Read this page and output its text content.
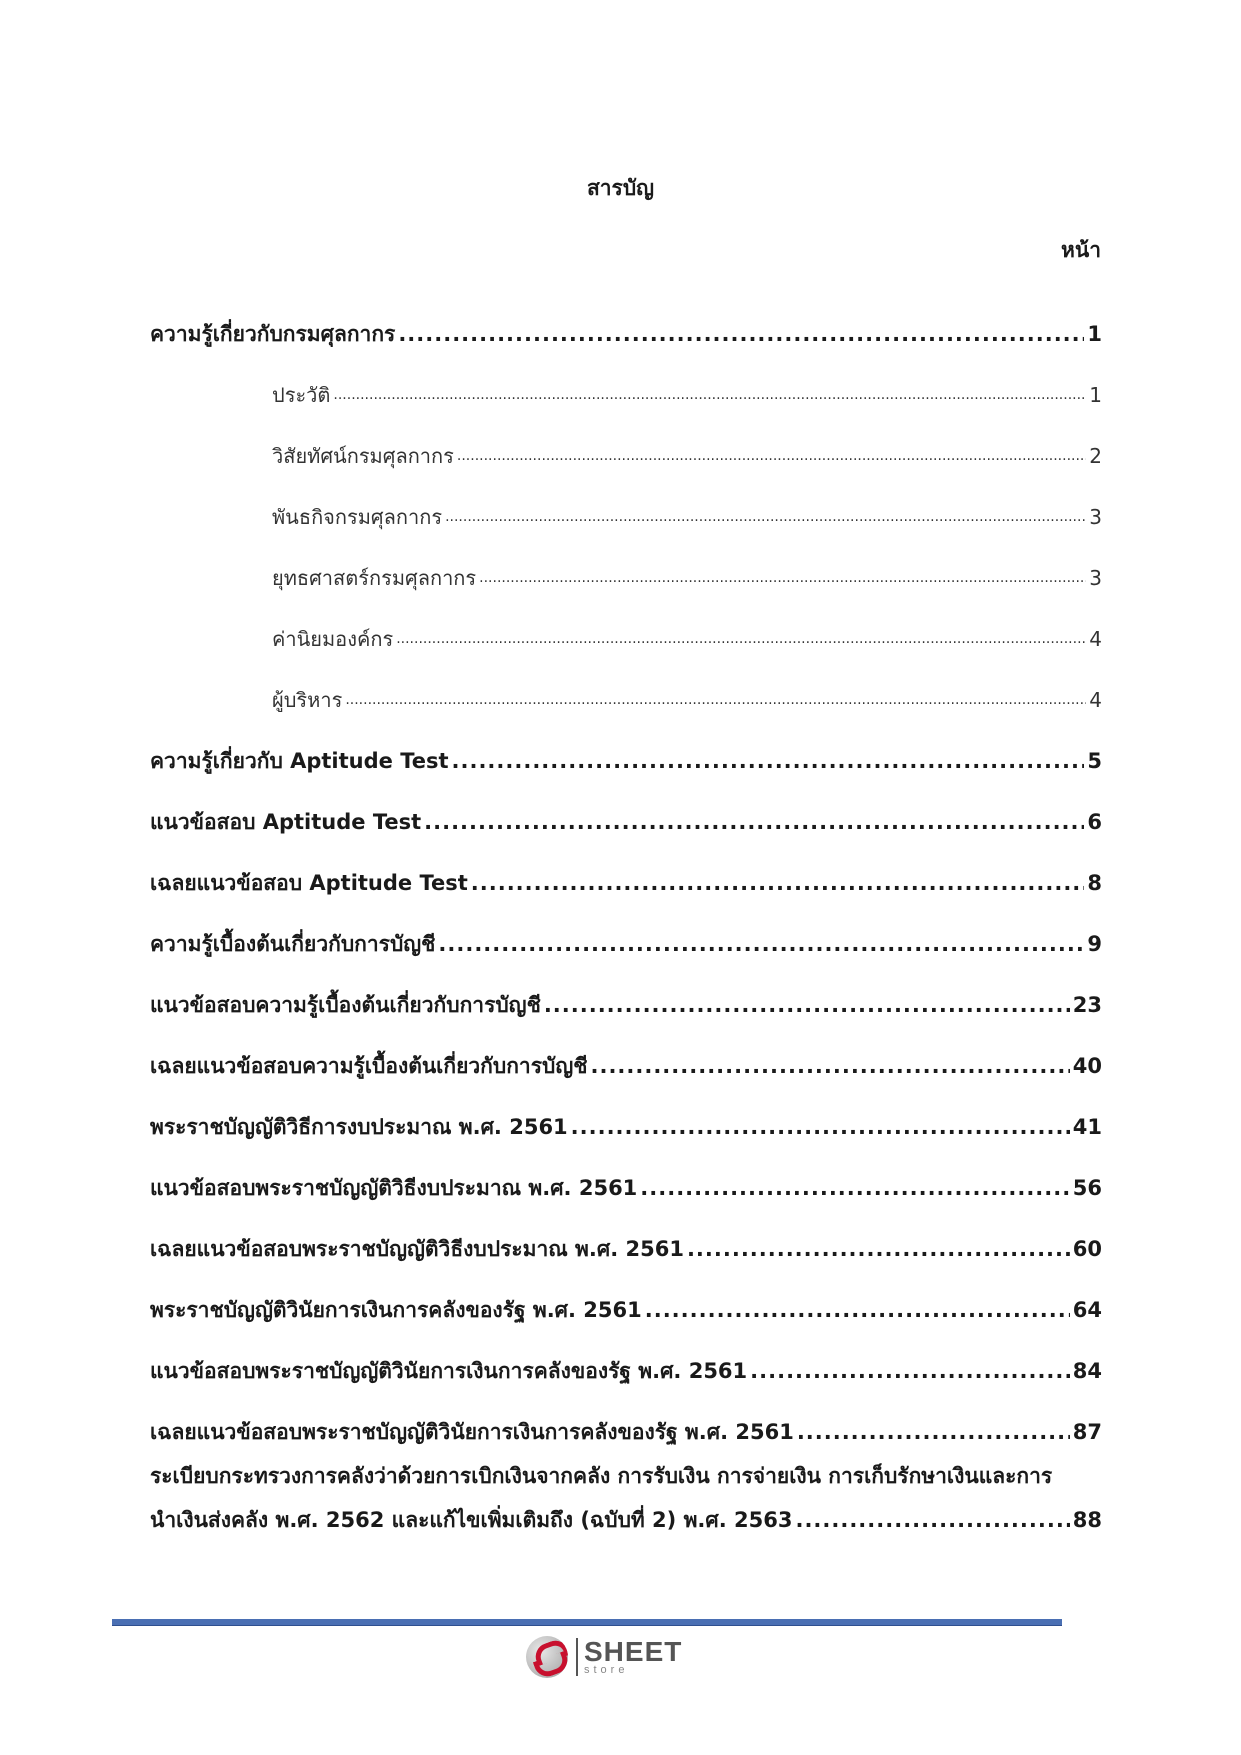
สารบัญ
หน้า
ความรู้เกี่ยวกับกรมศุลกากร .....	1
ประวัติ .....	1
วิสัยทัศน์กรมศุลกากร .....	2
พันธกิจกรมศุลกากร .....	3
ยุทธศาสตร์กรมศุลกากร .....	3
ค่านิยมองค์กร .....	4
ผู้บริหาร .....	4
ความรู้เกี่ยวกับ Aptitude Test .....	5
แนวข้อสอบ Aptitude Test .....	6
เฉลยแนวข้อสอบ Aptitude Test .....	8
ความรู้เบื้องต้นเกี่ยวกับการบัญชี .....	9
แนวข้อสอบความรู้เบื้องต้นเกี่ยวกับการบัญชี .....	23
เฉลยแนวข้อสอบความรู้เบื้องต้นเกี่ยวกับการบัญชี .....	40
พระราชบัญญัติวิธีการงบประมาณ พ.ศ. 2561 .....	41
แนวข้อสอบพระราชบัญญัติวิธีงบประมาณ พ.ศ. 2561 .....	56
เฉลยแนวข้อสอบพระราชบัญญัติวิธีงบประมาณ พ.ศ. 2561 .....	60
พระราชบัญญัติวินัยการเงินการคลังของรัฐ พ.ศ. 2561 .....	64
แนวข้อสอบพระราชบัญญัติวินัยการเงินการคลังของรัฐ พ.ศ. 2561 .....	84
เฉลยแนวข้อสอบพระราชบัญญัติวินัยการเงินการคลังของรัฐ พ.ศ. 2561 .....	87
ระเบียบกระทรวงการคลังว่าด้วยการเบิกเงินจากคลัง การรับเงิน การจ่ายเงิน การเก็บรักษาเงินและการ
นำเงินส่งคลัง พ.ศ. 2562 และแก้ไขเพิ่มเติมถึง (ฉบับที่ 2) พ.ศ. 2563 .....	88
SHEET
store
